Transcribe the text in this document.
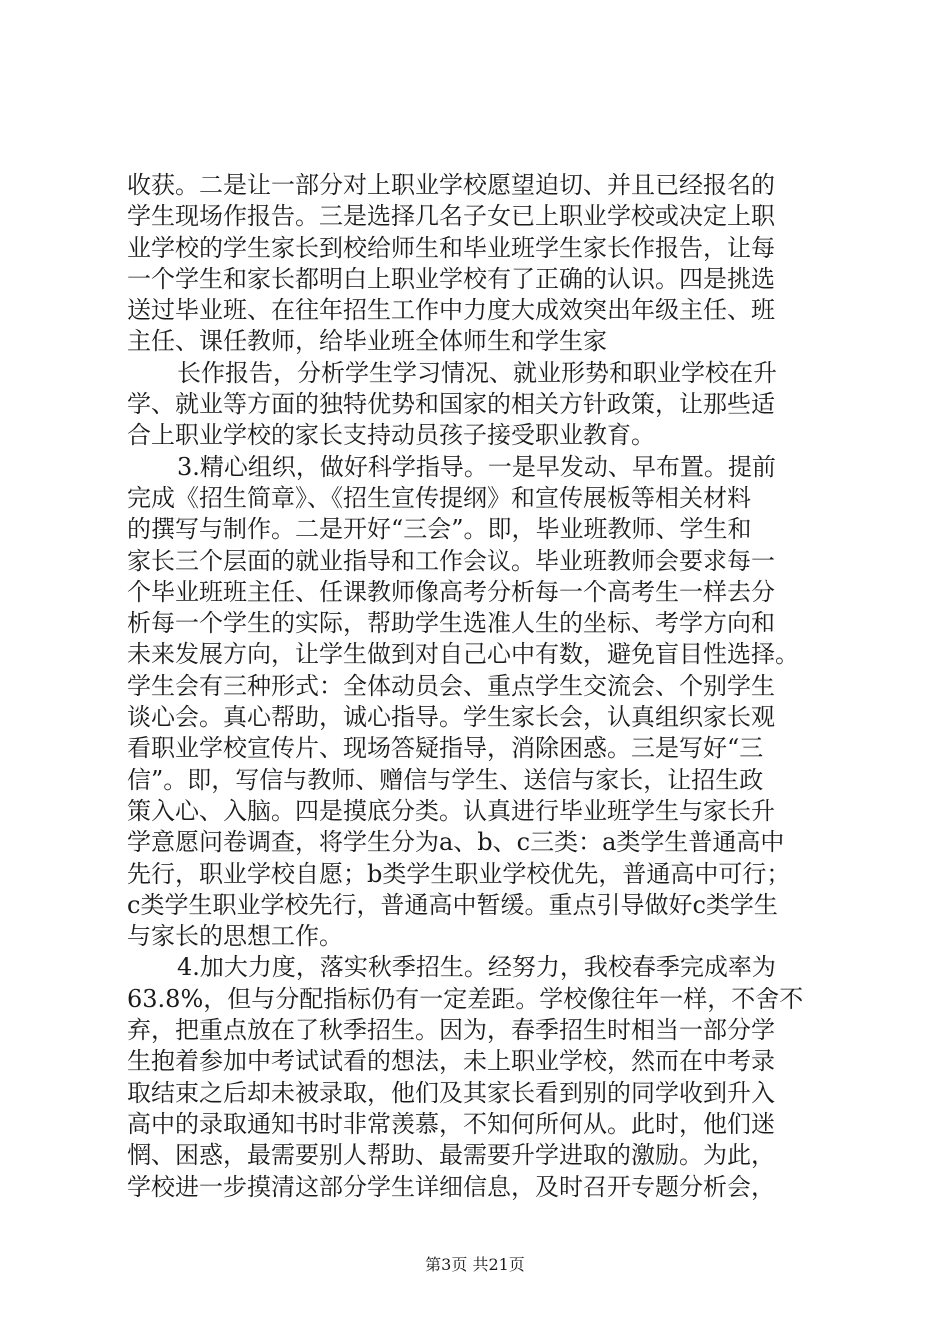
收获。二是让一部分对上职业学校愿望迫切、并且已经报名的
学生现场作报告。三是选择几名子女已上职业学校或决定上职
业学校的学生家长到校给师生和毕业班学生家长作报告，让每
一个学生和家长都明白上职业学校有了正确的认识。四是挑选
送过毕业班、在往年招生工作中力度大成效突出年级主任、班
主任、课任教师，给毕业班全体师生和学生家
长作报告，分析学生学习情况、就业形势和职业学校在升
学、就业等方面的独特优势和国家的相关方针政策，让那些适
合上职业学校的家长支持动员孩子接受职业教育。
3.精心组织，做好科学指导。一是早发动、早布置。提前
完成《招生简章》、《招生宣传提纲》和宣传展板等相关材料
的撰写与制作。二是开好“三会”。即，毕业班教师、学生和
家长三个层面的就业指导和工作会议。毕业班教师会要求每一
个毕业班班主任、任课教师像高考分析每一个高考生一样去分
析每一个学生的实际，帮助学生选准人生的坐标、考学方向和
未来发展方向，让学生做到对自己心中有数，避免盲目性选择。
学生会有三种形式：全体动员会、重点学生交流会、个别学生
谈心会。真心帮助，诚心指导。学生家长会，认真组织家长观
看职业学校宣传片、现场答疑指导，消除困惑。三是写好“三
信”。即，写信与教师、赠信与学生、送信与家长，让招生政
策入心、入脑。四是摸底分类。认真进行毕业班学生与家长升
学意愿问卷调查，将学生分为a、b、c三类：a类学生普通高中
先行，职业学校自愿；b类学生职业学校优先，普通高中可行；
c类学生职业学校先行，普通高中暂缓。重点引导做好c类学生
与家长的思想工作。
4.加大力度，落实秋季招生。经努力，我校春季完成率为
63.8%，但与分配指标仍有一定差距。学校像往年一样，不舍不
弃，把重点放在了秋季招生。因为，春季招生时相当一部分学
生抱着参加中考试试看的想法，未上职业学校，然而在中考录
取结束之后却未被录取，他们及其家长看到别的同学收到升入
高中的录取通知书时非常羡慕，不知何所何从。此时，他们迷
惘、困惑，最需要别人帮助、最需要升学进取的激励。为此，
学校进一步摸清这部分学生详细信息，及时召开专题分析会，
第3页 共21页
